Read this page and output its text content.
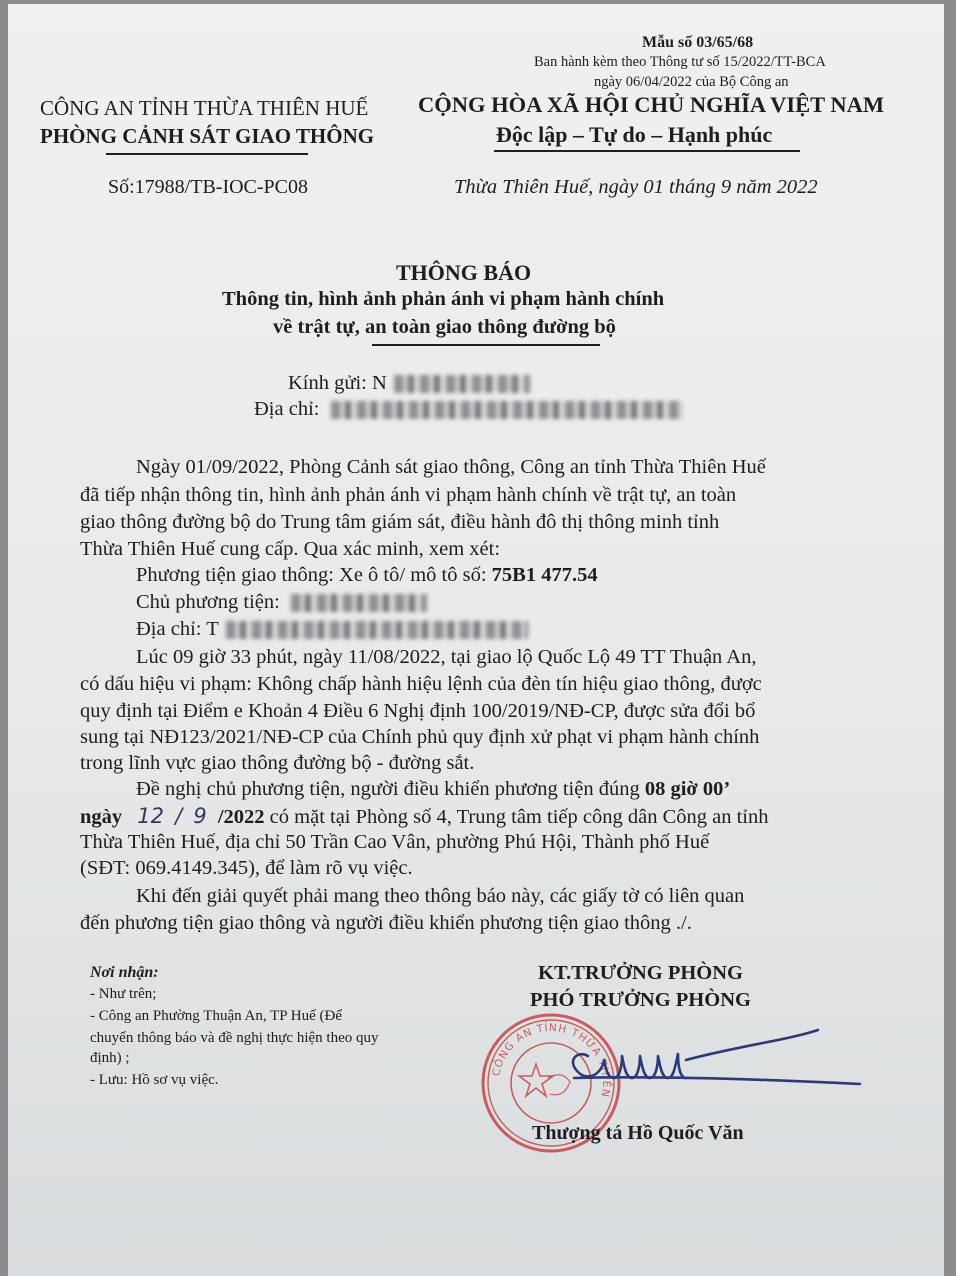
Mẫu số 03/65/68
Ban hành kèm theo Thông tư số 15/2022/TT-BCA
ngày 06/04/2022 của Bộ Công an
CÔNG AN TỈNH THỪA THIÊN HUẾ
PHÒNG CẢNH SÁT GIAO THÔNG
Số:17988/TB-IOC-PC08
CỘNG HÒA XÃ HỘI CHỦ NGHĨA VIỆT NAM
Độc lập – Tự do – Hạnh phúc
Thừa Thiên Huế, ngày 01 tháng 9 năm 2022
THÔNG BÁO
Thông tin, hình ảnh phản ánh vi phạm hành chính
về trật tự, an toàn giao thông đường bộ
Kính gửi: N
Địa chỉ:
Ngày 01/09/2022, Phòng Cảnh sát giao thông, Công an tỉnh Thừa Thiên Huế
đã tiếp nhận thông tin, hình ảnh phản ánh vi phạm hành chính về trật tự, an toàn
giao thông đường bộ do Trung tâm giám sát, điều hành đô thị thông minh tỉnh
Thừa Thiên Huế cung cấp. Qua xác minh, xem xét:
Phương tiện giao thông: Xe ô tô/ mô tô số: 75B1 477.54
Chủ phương tiện:
Địa chỉ: T
Lúc 09 giờ 33 phút, ngày 11/08/2022, tại giao lộ Quốc Lộ 49 TT Thuận An,
có dấu hiệu vi phạm: Không chấp hành hiệu lệnh của đèn tín hiệu giao thông, được
quy định tại Điểm e Khoản 4 Điều 6 Nghị định 100/2019/NĐ-CP, được sửa đổi bổ
sung tại NĐ123/2021/NĐ-CP của Chính phủ quy định xử phạt vi phạm hành chính
trong lĩnh vực giao thông đường bộ - đường sắt.
Đề nghị chủ phương tiện, người điều khiển phương tiện đúng 08 giờ 00’
ngày 12 / 9 /2022 có mặt tại Phòng số 4, Trung tâm tiếp công dân Công an tỉnh
Thừa Thiên Huế, địa chỉ 50 Trần Cao Vân, phường Phú Hội, Thành phố Huế
(SĐT: 069.4149.345), để làm rõ vụ việc.
Khi đến giải quyết phải mang theo thông báo này, các giấy tờ có liên quan
đến phương tiện giao thông và người điều khiển phương tiện giao thông ./.
Nơi nhận:
- Như trên;
- Công an Phường Thuận An, TP Huế (Để
chuyển thông báo và đề nghị thực hiện theo quy
định) ;
- Lưu: Hồ sơ vụ việc.
KT.TRƯỞNG PHÒNG
PHÓ TRƯỞNG PHÒNG
CÔNG AN TỈNH THỪA THIÊN
Thượng tá Hồ Quốc Văn
